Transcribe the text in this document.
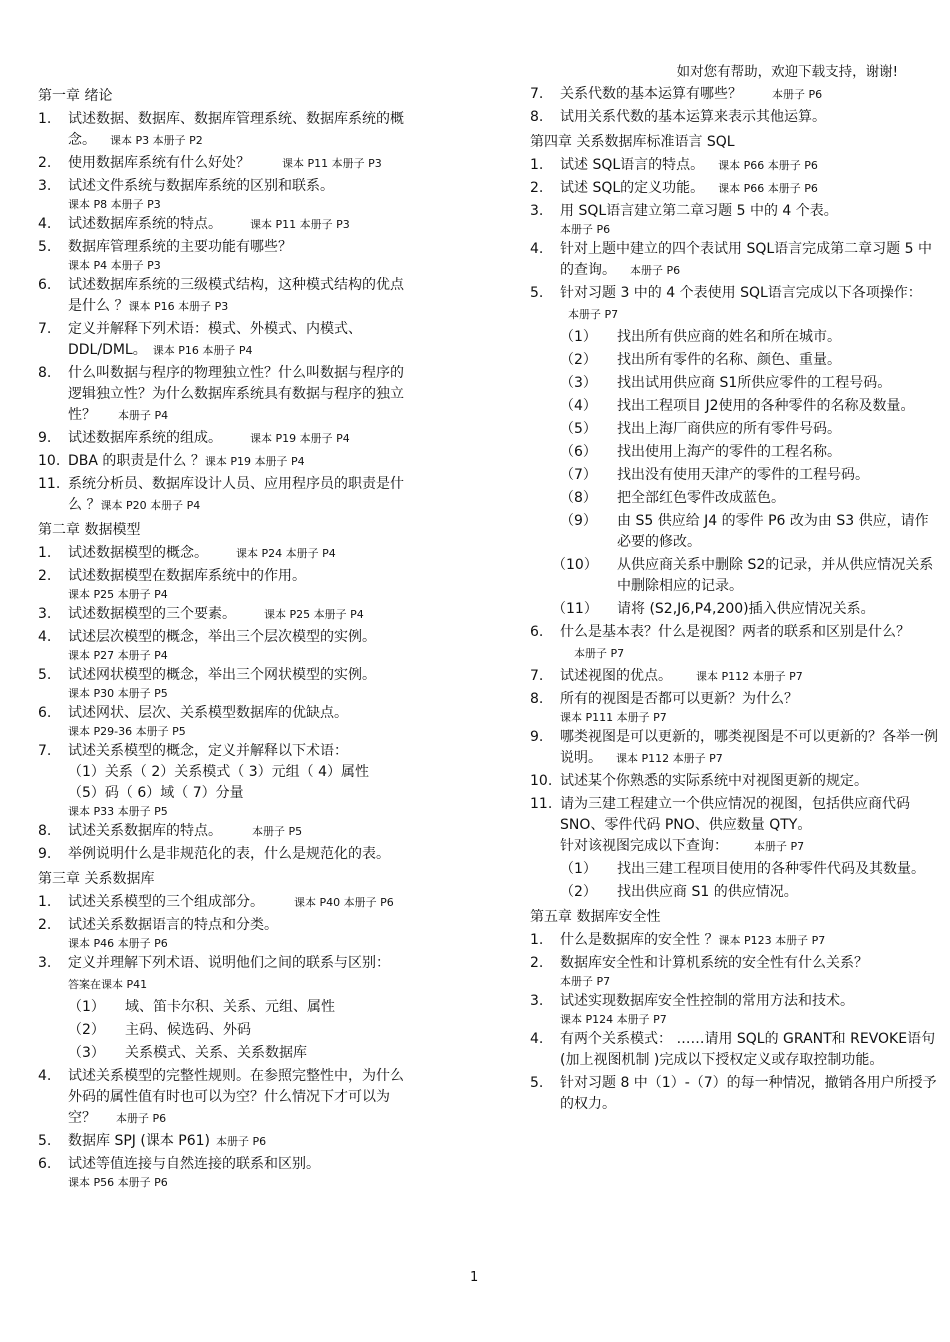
如对您有帮助，欢迎下载支持，谢谢!
第一章 绪论
1.	试述数据、数据库、数据库管理系统、数据库系统的概念。 课本 P3 本册子 P2
2.	使用数据库系统有什么好处？	课本 P11 本册子 P3
3.	试述文件系统与数据库系统的区别和联系。
课本 P8 本册子 P3
4.	试述数据库系统的特点。	课本 P11 本册子 P3
5.	数据库管理系统的主要功能有哪些？
课本 P4 本册子 P3
6.	试述数据库系统的三级模式结构，这种模式结构的优点是什么 ？课本 P16 本册子 P3
7.	定义并解释下列术语：模式、外模式、内模式、DDL/DML。 课本 P16 本册子 P4
8.	什么叫数据与程序的物理独立性？什么叫数据与程序的逻辑独立性？为什么数据库系统具有数据与程序的独立性？ 本册子 P4
9.	试述数据库系统的组成。	课本 P19 本册子 P4
10. DBA 的职责是什么 ？课本 P19 本册子 P4
11. 系统分析员、数据库设计人员、应用程序员的职责是什么 ？课本 P20 本册子 P4
第二章 数据模型
1.	试述数据模型的概念。	课本 P24 本册子 P4
2.	试述数据模型在数据库系统中的作用。
课本 P25 本册子 P4
3.	试述数据模型的三个要素。	课本 P25 本册子 P4
4.	试述层次模型的概念，举出三个层次模型的实例。
课本 P27 本册子 P4
5.	试述网状模型的概念，举出三个网状模型的实例。
课本 P30 本册子 P5
6.	试述网状、层次、关系模型数据库的优缺点。
课本 P29-36 本册子 P5
7.	试述关系模型的概念，定义并解释以下术语：
（1）关系（ 2）关系模式（ 3）元组（ 4）属性
（5）码（ 6）域（ 7）分量
课本 P33 本册子 P5
8.	试述关系数据库的特点。	本册子 P5
9.	举例说明什么是非规范化的表，什么是规范化的表。
第三章 关系数据库
1.	试述关系模型的三个组成部分。	课本 P40 本册子 P6
2.	试述关系数据语言的特点和分类。
课本 P46 本册子 P6
3.	定义并理解下列术语、说明他们之间的联系与区别：答案在课本 P41
（1）	域、笛卡尔积、关系、元组、属性
（2）	主码、候选码、外码
（3）	关系模式、关系、关系数据库
4.	试述关系模型的完整性规则。在参照完整性中，为什么外码的属性值有时也可以为空？什么情况下才可以为空？ 本册子 P6
5.	数据库 SPJ (课本 P61) 本册子 P6
6.	试述等值连接与自然连接的联系和区别。
课本 P56 本册子 P6
7.	关系代数的基本运算有哪些？	本册子 P6
8.	试用关系代数的基本运算来表示其他运算。
第四章 关系数据库标准语言 SQL
1.	试述 SQL语言的特点。 课本 P66 本册子 P6
2.	试述 SQL的定义功能。 课本 P66 本册子 P6
3.	用 SQL语言建立第二章习题 5 中的 4 个表。
本册子 P6
4.	针对上题中建立的四个表试用 SQL语言完成第二章习题 5 中的查询。 本册子 P6
5.	针对习题 3 中的 4 个表使用 SQL语言完成以下各项操作：本册子 P7
（1）	找出所有供应商的姓名和所在城市。
（2）	找出所有零件的名称、颜色、重量。
（3）	找出试用供应商 S1所供应零件的工程号码。
（4）	找出工程项目 J2使用的各种零件的名称及数量。
（5）	找出上海厂商供应的所有零件号码。
（6）	找出使用上海产的零件的工程名称。
（7）	找出没有使用天津产的零件的工程号码。
（8）	把全部红色零件改成蓝色。
（9）	由 S5 供应给 J4 的零件 P6 改为由 S3 供应，请作必要的修改。
（10）	从供应商关系中删除 S2的记录，并从供应情况关系中删除相应的记录。
（11）	请将 (S2,J6,P4,200)插入供应情况关系。
6.	什么是基本表？什么是视图？两者的联系和区别是什么？本册子 P7
7.	试述视图的优点。 课本 P112 本册子 P7
8.	所有的视图是否都可以更新？为什么？
课本 P111 本册子 P7
9.	哪类视图是可以更新的，哪类视图是不可以更新的？各举一例说明。 课本 P112 本册子 P7
10. 试述某个你熟悉的实际系统中对视图更新的规定。
11. 请为三建工程建立一个供应情况的视图，包括供应商代码 SNO、零件代码 PNO、供应数量 QTY。
针对该视图完成以下查询： 本册子 P7
（1）	找出三建工程项目使用的各种零件代码及其数量。
（2）	找出供应商 S1 的供应情况。
第五章 数据库安全性
1.	什么是数据库的安全性 ？课本 P123 本册子 P7
2.	数据库安全性和计算机系统的安全性有什么关系？
本册子 P7
3.	试述实现数据库安全性控制的常用方法和技术。
课本 P124 本册子 P7
4.	有两个关系模式： ……请用 SQL的 GRANT和 REVOKE语句 (加上视图机制 )完成以下授权定义或存取控制功能。
5.	针对习题 8 中（1）-（7）的每一种情况，撤销各用户所授予的权力。
1
